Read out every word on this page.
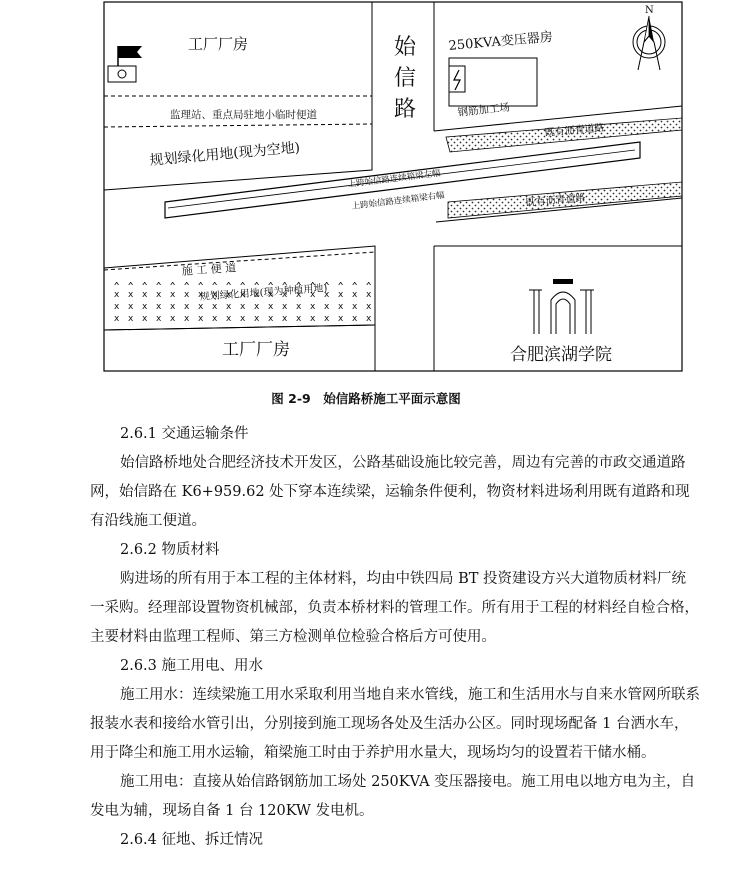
工厂厂房	始
信
路
250KVA变压器房
钢筋加工场
监理站、重点局驻地小临时便道
规划绿化用地(现为空地)
上跨始信路连续箱梁左幅
上跨始信路连续箱梁右幅
既有沥青道路
既有沥青道路
施 工 便 道
规划绿化用地(现为种植用地)
工厂厂房	合肥滨湖学院
N
图 2-9　始信路桥施工平面示意图

2.6.1 交通运输条件

始信路桥地处合肥经济技术开发区，公路基础设施比较完善，周边有完善的市政交通道路网，始信路在 K6+959.62 处下穿本连续梁，运输条件便利，物资材料进场利用既有道路和现有沿线施工便道。

2.6.2 物质材料

购进场的所有用于本工程的主体材料，均由中铁四局 BT 投资建设方兴大道物质材料厂统一采购。经理部设置物资机械部，负责本桥材料的管理工作。所有用于工程的材料经自检合格，主要材料由监理工程师、第三方检测单位检验合格后方可使用。

2.6.3 施工用电、用水

施工用水：连续梁施工用水采取利用当地自来水管线，施工和生活用水与自来水管网所联系报装水表和接给水管引出，分别接到施工现场各处及生活办公区。同时现场配备 1 台洒水车，用于降尘和施工用水运输，箱梁施工时由于养护用水量大，现场均匀的设置若干储水桶。

施工用电：直接从始信路钢筋加工场处 250KVA 变压器接电。施工用电以地方电为主，自发电为辅，现场自备 1 台 120KW 发电机。

2.6.4 征地、拆迁情况
